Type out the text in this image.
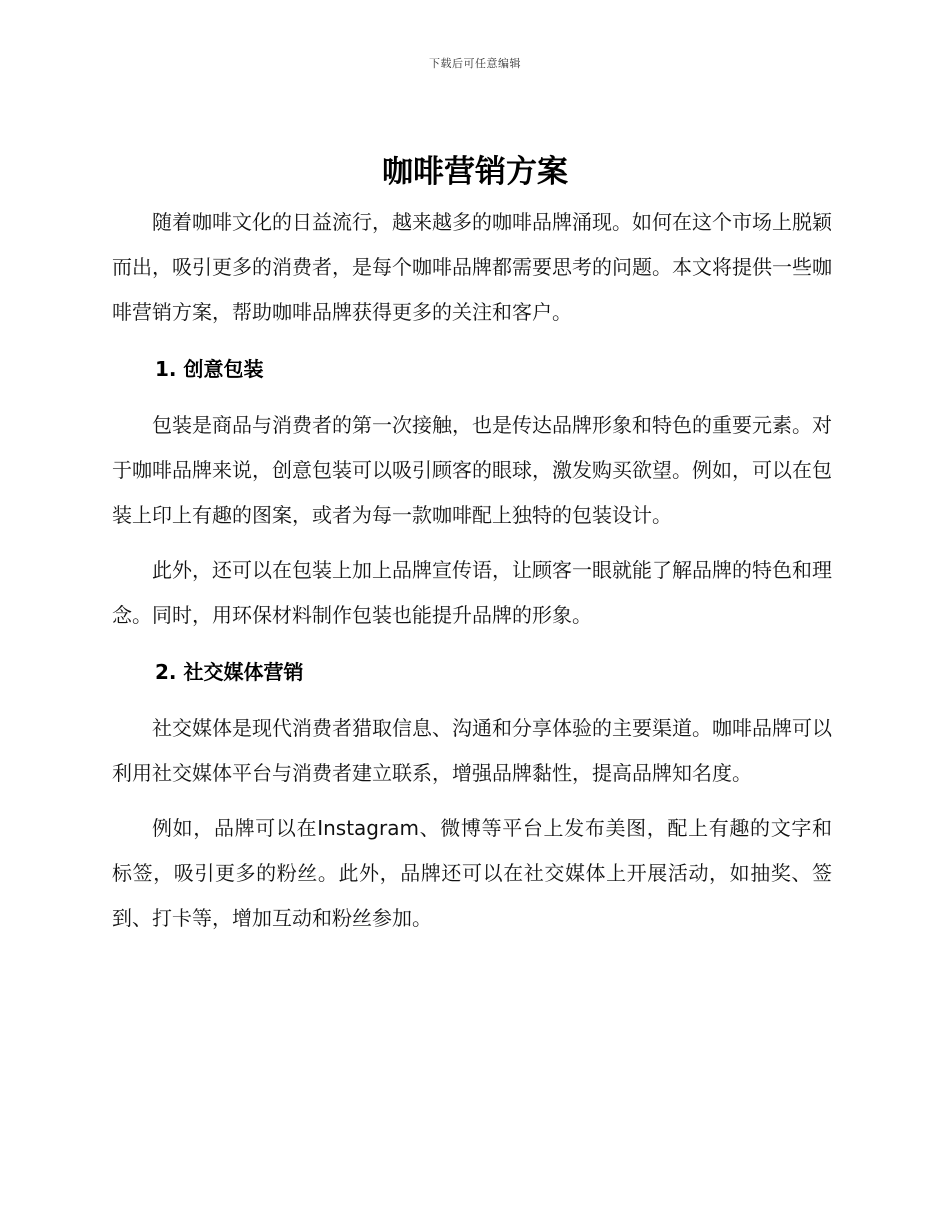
下载后可任意编辑
咖啡营销方案

随着咖啡文化的日益流行，越来越多的咖啡品牌涌现。如何在这个市场上脱颖而出，吸引更多的消费者，是每个咖啡品牌都需要思考的问题。本文将提供一些咖啡营销方案，帮助咖啡品牌获得更多的关注和客户。

1. 创意包装

包装是商品与消费者的第一次接触，也是传达品牌形象和特色的重要元素。对于咖啡品牌来说，创意包装可以吸引顾客的眼球，激发购买欲望。例如，可以在包装上印上有趣的图案，或者为每一款咖啡配上独特的包装设计。

此外，还可以在包装上加上品牌宣传语，让顾客一眼就能了解品牌的特色和理念。同时，用环保材料制作包装也能提升品牌的形象。

2. 社交媒体营销

社交媒体是现代消费者猎取信息、沟通和分享体验的主要渠道。咖啡品牌可以利用社交媒体平台与消费者建立联系，增强品牌黏性，提高品牌知名度。

例如，品牌可以在Instagram、微博等平台上发布美图，配上有趣的文字和标签，吸引更多的粉丝。此外，品牌还可以在社交媒体上开展活动，如抽奖、签到、打卡等，增加互动和粉丝参加。
